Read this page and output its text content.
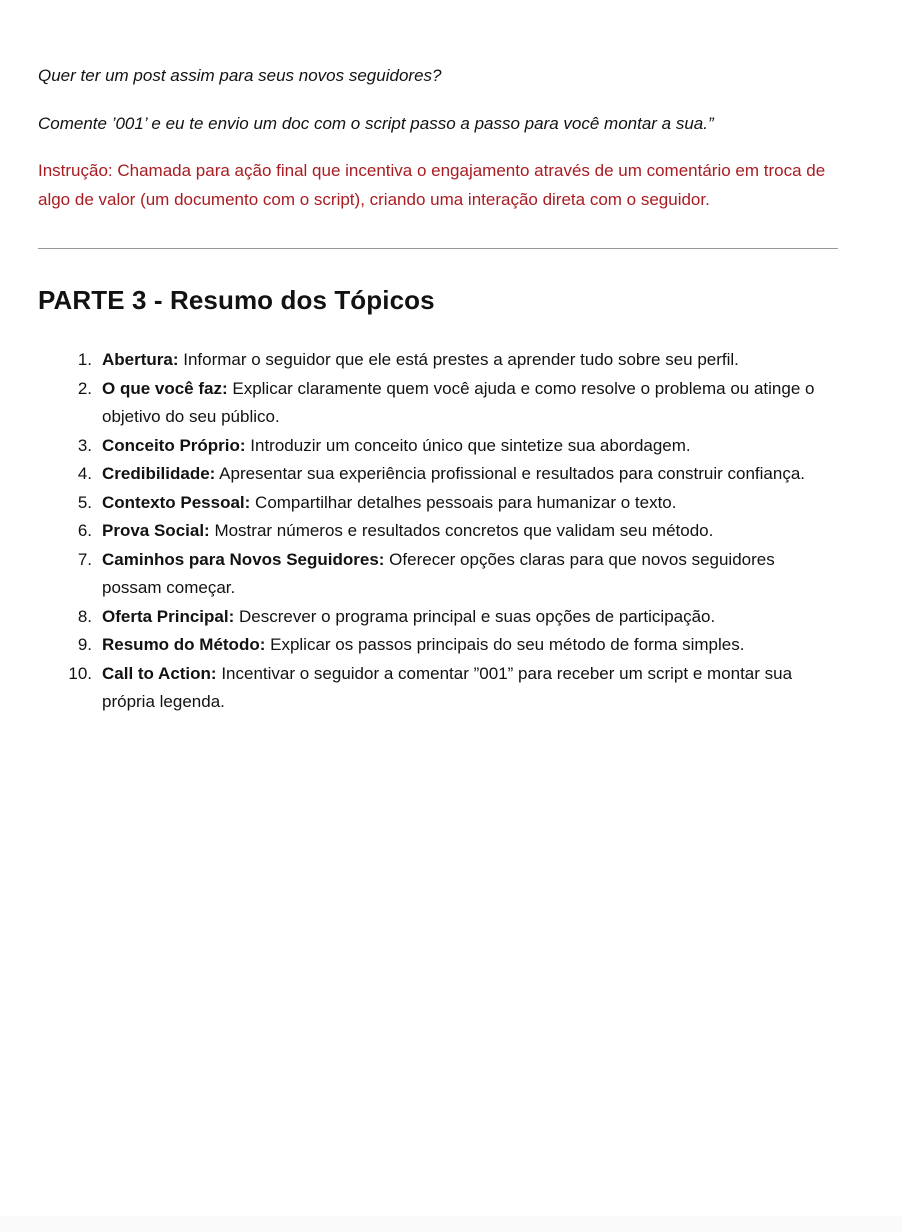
Quer ter um post assim para seus novos seguidores?

Comente ’001’ e eu te envio um doc com o script passo a passo para você montar a sua.”

Instrução: Chamada para ação final que incentiva o engajamento através de um comentário em troca de algo de valor (um documento com o script), criando uma interação direta com o seguidor.

PARTE 3 - Resumo dos Tópicos
1. Abertura: Informar o seguidor que ele está prestes a aprender tudo sobre seu perfil.
2. O que você faz: Explicar claramente quem você ajuda e como resolve o problema ou atinge o objetivo do seu público.
3. Conceito Próprio: Introduzir um conceito único que sintetize sua abordagem.
4. Credibilidade: Apresentar sua experiência profissional e resultados para construir confiança.
5. Contexto Pessoal: Compartilhar detalhes pessoais para humanizar o texto.
6. Prova Social: Mostrar números e resultados concretos que validam seu método.
7. Caminhos para Novos Seguidores: Oferecer opções claras para que novos seguidores possam começar.
8. Oferta Principal: Descrever o programa principal e suas opções de participação.
9. Resumo do Método: Explicar os passos principais do seu método de forma simples.
10. Call to Action: Incentivar o seguidor a comentar ”001” para receber um script e montar sua própria legenda.
